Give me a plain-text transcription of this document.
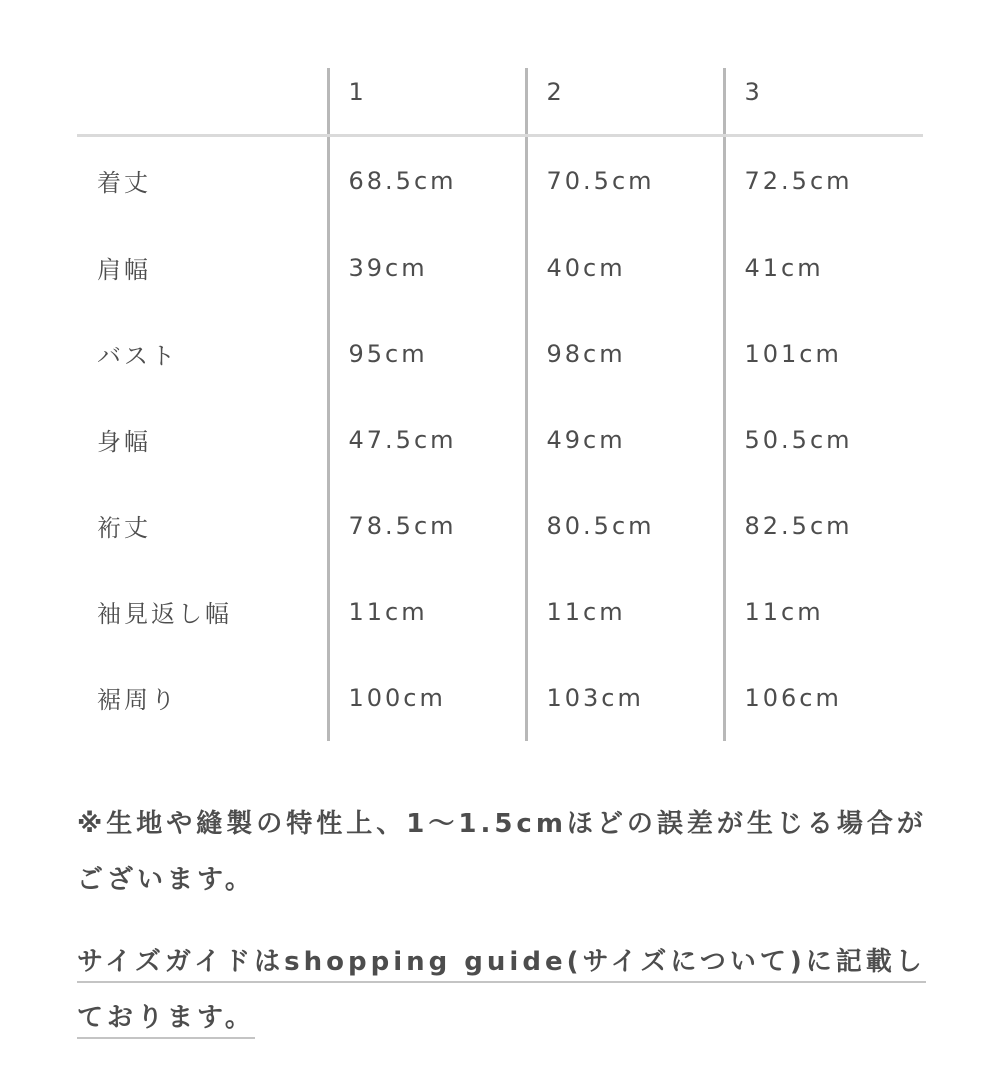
	1	2	3
着丈	68.5cm	70.5cm	72.5cm
肩幅	39cm	40cm	41cm
バスト	95cm	98cm	101cm
身幅	47.5cm	49cm	50.5cm
裄丈	78.5cm	80.5cm	82.5cm
袖見返し幅	11cm	11cm	11cm
裾周り	100cm	103cm	106cm

※生地や縫製の特性上、1〜1.5cmほどの誤差が生じる場合がございます。

サイズガイドはshopping guide(サイズについて)に記載しております。
